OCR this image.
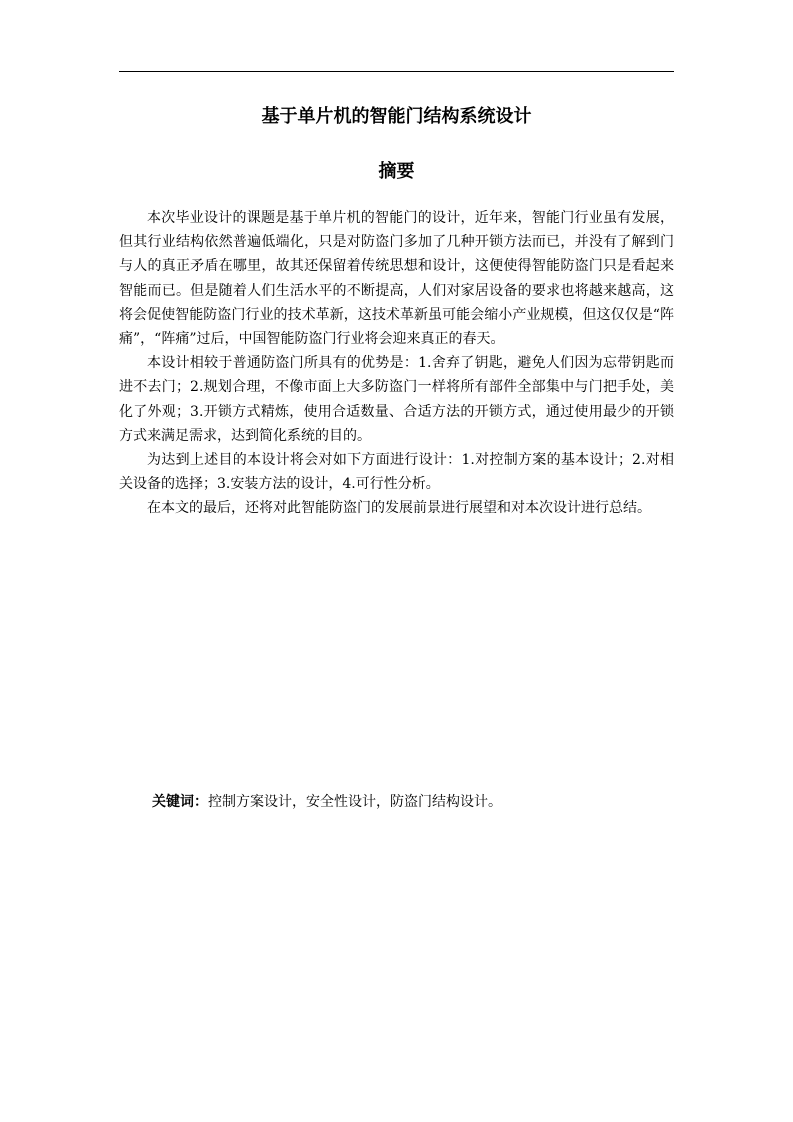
基于单片机的智能门结构系统设计
摘要

本次毕业设计的课题是基于单片机的智能门的设计，近年来，智能门行业虽有发展，但其行业结构依然普遍低端化，只是对防盗门多加了几种开锁方法而已，并没有了解到门与人的真正矛盾在哪里，故其还保留着传统思想和设计，这便使得智能防盗门只是看起来智能而已。但是随着人们生活水平的不断提高，人们对家居设备的要求也将越来越高，这将会促使智能防盗门行业的技术革新，这技术革新虽可能会缩小产业规模，但这仅仅是“阵痛”，“阵痛”过后，中国智能防盗门行业将会迎来真正的春天。

本设计相较于普通防盗门所具有的优势是：1.舍弃了钥匙，避免人们因为忘带钥匙而进不去门；2.规划合理，不像市面上大多防盗门一样将所有部件全部集中与门把手处，美化了外观；3.开锁方式精炼，使用合适数量、合适方法的开锁方式，通过使用最少的开锁方式来满足需求，达到简化系统的目的。

为达到上述目的本设计将会对如下方面进行设计：1.对控制方案的基本设计；2.对相关设备的选择；3.安装方法的设计，4.可行性分析。

在本文的最后，还将对此智能防盗门的发展前景进行展望和对本次设计进行总结。

关键词：控制方案设计，安全性设计，防盗门结构设计。
